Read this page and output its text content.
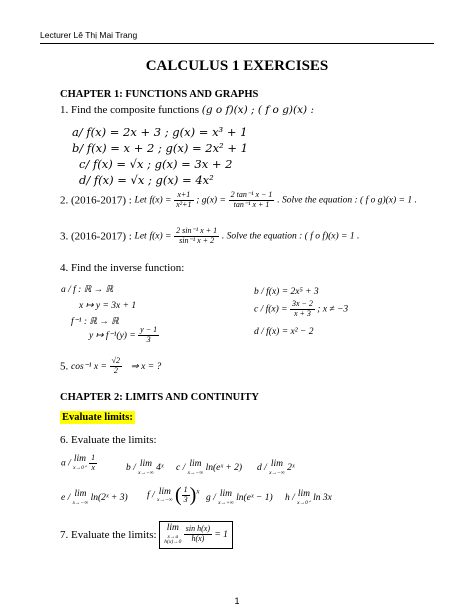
Lecturer Lê Thị Mai Trang
CALCULUS 1 EXERCISES
CHAPTER 1: FUNCTIONS AND GRAPHS
1. Find the composite functions (g ο f)(x) ; ( f ο g)(x) :
a/ f(x) = 2x + 3 ; g(x) = x³ + 1
b/ f(x) = x + 2 ; g(x) = 2x² + 1
c/ f(x) = √x ; g(x) = 3x + 2
d/ f(x) = √x ; g(x) = 4x²
2. (2016-2017) : Let $f(x) = \frac{x+1}{\text{x²+1}}$ ; $g(x) = \frac{\text{2 tan⁻¹ x − 1}}{\text{tan⁻¹ x + 1}}$ . Solve the equation : ( f ο g)(x) = 1 .
3. (2016-2017) : Let $f(x) = \frac{\text{2 sin⁻¹ x + 1}}{\text{sin⁻¹ x + 2}}$ . Solve the equation : ( f ο f)(x) = 1 .
4. Find the inverse function:
a / f : ℝ → ℝ
x ↦ y = 3x + 1
f⁻¹ : ℝ → ℝ
y ↦ $f^{-1}(y) = \frac{y - 1}{3}$
b / f(x) = 2x⁵ + 3
$c / f(x) = \frac{3x - 2}{x + 3}$ ; x ≠ −3
d / f(x) = x² − 2
5. cos⁻¹ $x = \frac{√2}{2}$ ⇒ x = ?
CHAPTER 2: LIMITS AND CONTINUITY
Evaluate limits:
6. Evaluate the limits:
a / lim
x→0⁺
$\frac{1}{x}$	b / lim
x→−∞ 4ˣ c / lim
x→−∞ ln(eˣ + 2) d / lim
x→−∞ 2ˣ
e / lim
x→−∞ ln(2ˣ + 3) f / lim
x→−∞ ( $\frac{1}{3} )^x$
g / lim
x→+∞ ln(eˣ − 1) h / lim
x→0⁺ ln 3x
7. Evaluate the limits: lim
x→a
h(x)→0
$\frac{\text{sin h(x)}}{h(x)} = 1$
1
